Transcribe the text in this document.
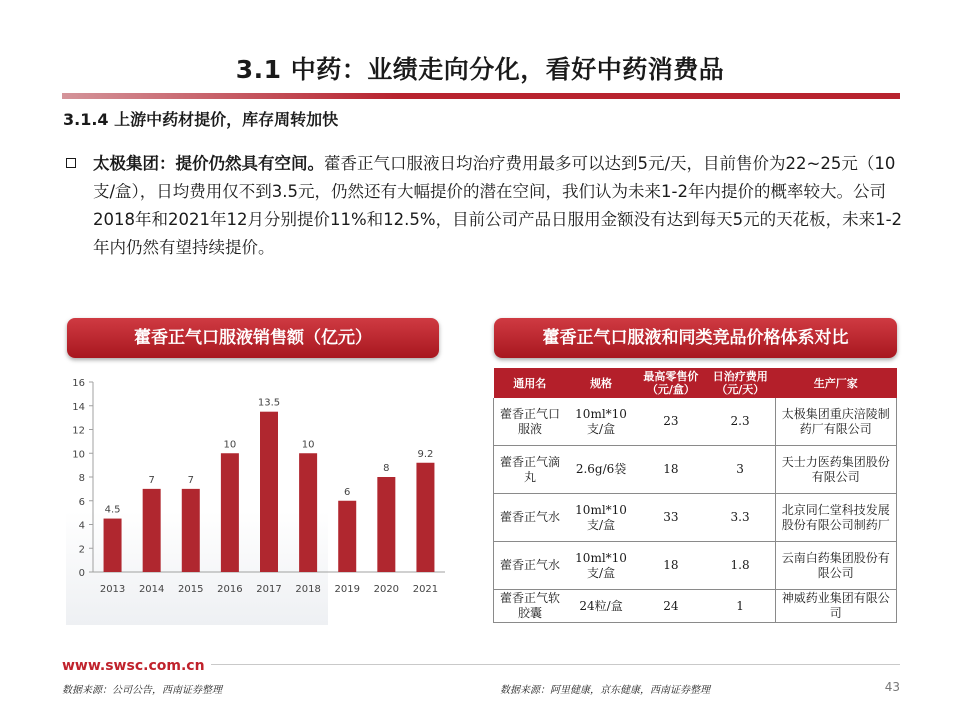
3.1 中药：业绩走向分化，看好中药消费品
3.1.4 上游中药材提价，库存周转加快
太极集团：提价仍然具有空间。藿香正气口服液日均治疗费用最多可以达到5元/天，目前售价为22~25元（10支/盒），日均费用仅不到3.5元，仍然还有大幅提价的潜在空间，我们认为未来1-2年内提价的概率较大。公司2018年和2021年12月分别提价11%和12.5%，目前公司产品日服用金额没有达到每天5元的天花板，未来1-2年内仍然有望持续提价。
藿香正气口服液销售额（亿元）	藿香正气口服液和同类竞品价格体系对比
0
2
4
6
8
10
12
14
16
4.5
2013
7
2014
7
2015
10
2016
13.5
2017
10
2018
6
2019
8
2020
9.2
2021
通用名	规格	最高零售价（元/盒）	日治疗费用（元/天）	生产厂家
藿香正气口服液	10ml*10支/盒	23	2.3	太极集团重庆涪陵制药厂有限公司
藿香正气滴丸	2.6g/6袋	18	3	天士力医药集团股份有限公司
藿香正气水	10ml*10支/盒	33	3.3	北京同仁堂科技发展股份有限公司制药厂
藿香正气水	10ml*10支/盒	18	1.8	云南白药集团股份有限公司
藿香正气软胶囊	24粒/盒	24	1	神威药业集团有限公司
www.swsc.com.cn
数据来源：公司公告，西南证券整理	数据来源：阿里健康，京东健康，西南证券整理	43
